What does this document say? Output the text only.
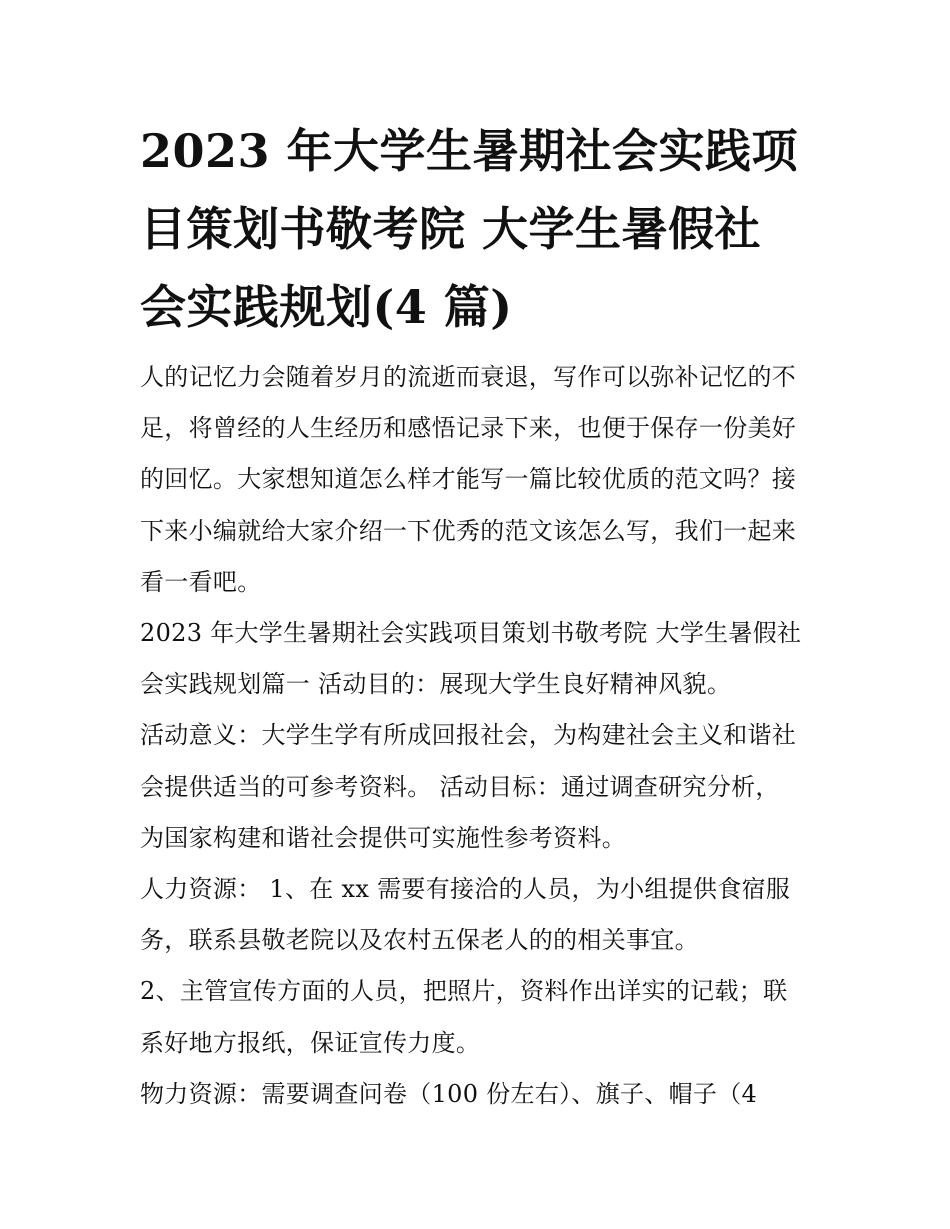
2023 年大学生暑期社会实践项
目策划书敬考院 大学生暑假社
会实践规划(4 篇)

人的记忆力会随着岁月的流逝而衰退，写作可以弥补记忆的不
足，将曾经的人生经历和感悟记录下来，也便于保存一份美好
的回忆。大家想知道怎么样才能写一篇比较优质的范文吗？接
下来小编就给大家介绍一下优秀的范文该怎么写，我们一起来
看一看吧。

2023 年大学生暑期社会实践项目策划书敬考院 大学生暑假社
会实践规划篇一 活动目的：展现大学生良好精神风貌。

活动意义：大学生学有所成回报社会，为构建社会主义和谐社
会提供适当的可参考资料。 活动目标：通过调查研究分析，
为国家构建和谐社会提供可实施性参考资料。

人力资源： 1、在 xx 需要有接洽的人员，为小组提供食宿服
务，联系县敬老院以及农村五保老人的的相关事宜。

2、主管宣传方面的人员，把照片，资料作出详实的记载；联
系好地方报纸，保证宣传力度。

物力资源：需要调查问卷（100 份左右）、旗子、帽子（4
